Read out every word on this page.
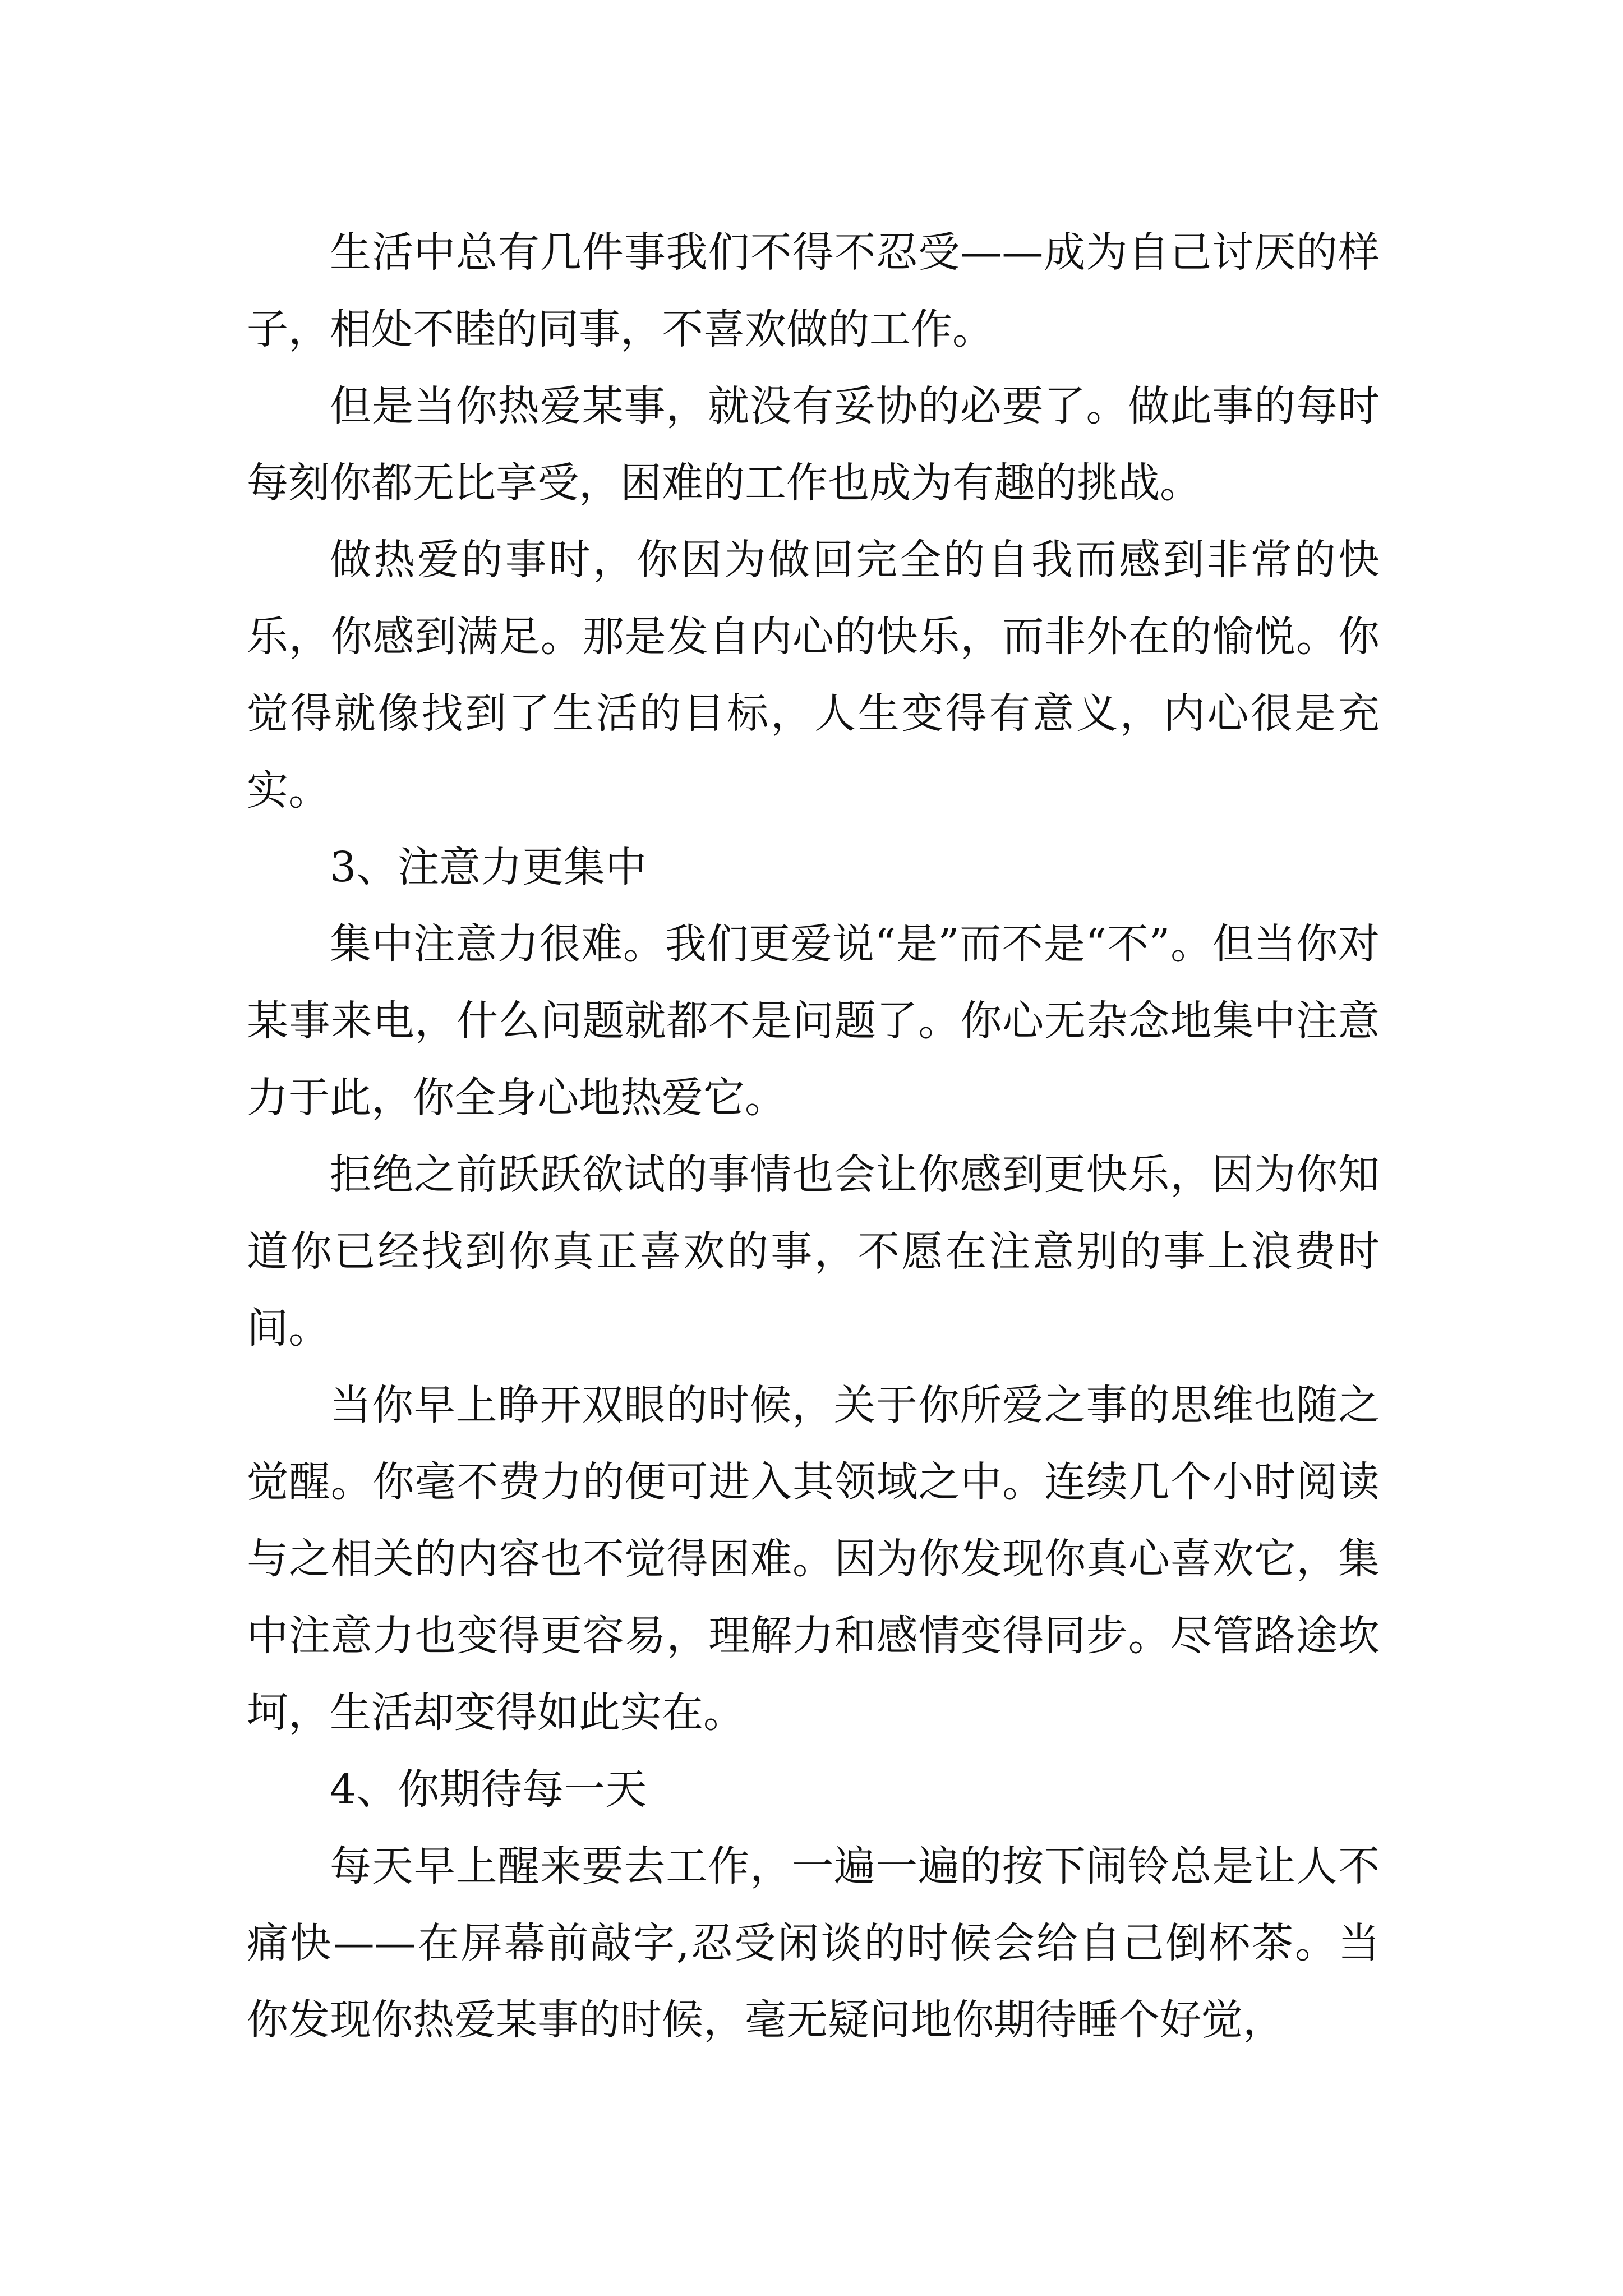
生活中总有几件事我们不得不忍受——成为自己讨厌的样子，相处不睦的同事，不喜欢做的工作。

但是当你热爱某事，就没有妥协的必要了。做此事的每时每刻你都无比享受，困难的工作也成为有趣的挑战。

做热爱的事时，你因为做回完全的自我而感到非常的快乐，你感到满足。那是发自内心的快乐，而非外在的愉悦。你觉得就像找到了生活的目标，人生变得有意义，内心很是充实。

3、注意力更集中

集中注意力很难。我们更爱说“是”而不是“不”。但当你对某事来电，什么问题就都不是问题了。你心无杂念地集中注意力于此，你全身心地热爱它。

拒绝之前跃跃欲试的事情也会让你感到更快乐，因为你知道你已经找到你真正喜欢的事，不愿在注意别的事上浪费时间。

当你早上睁开双眼的时候，关于你所爱之事的思维也随之觉醒。你毫不费力的便可进入其领域之中。连续几个小时阅读与之相关的内容也不觉得困难。因为你发现你真心喜欢它，集中注意力也变得更容易，理解力和感情变得同步。尽管路途坎坷，生活却变得如此实在。

4、你期待每一天

每天早上醒来要去工作，一遍一遍的按下闹铃总是让人不痛快——在屏幕前敲字,忍受闲谈的时候会给自己倒杯茶。当你发现你热爱某事的时候，毫无疑问地你期待睡个好觉，
